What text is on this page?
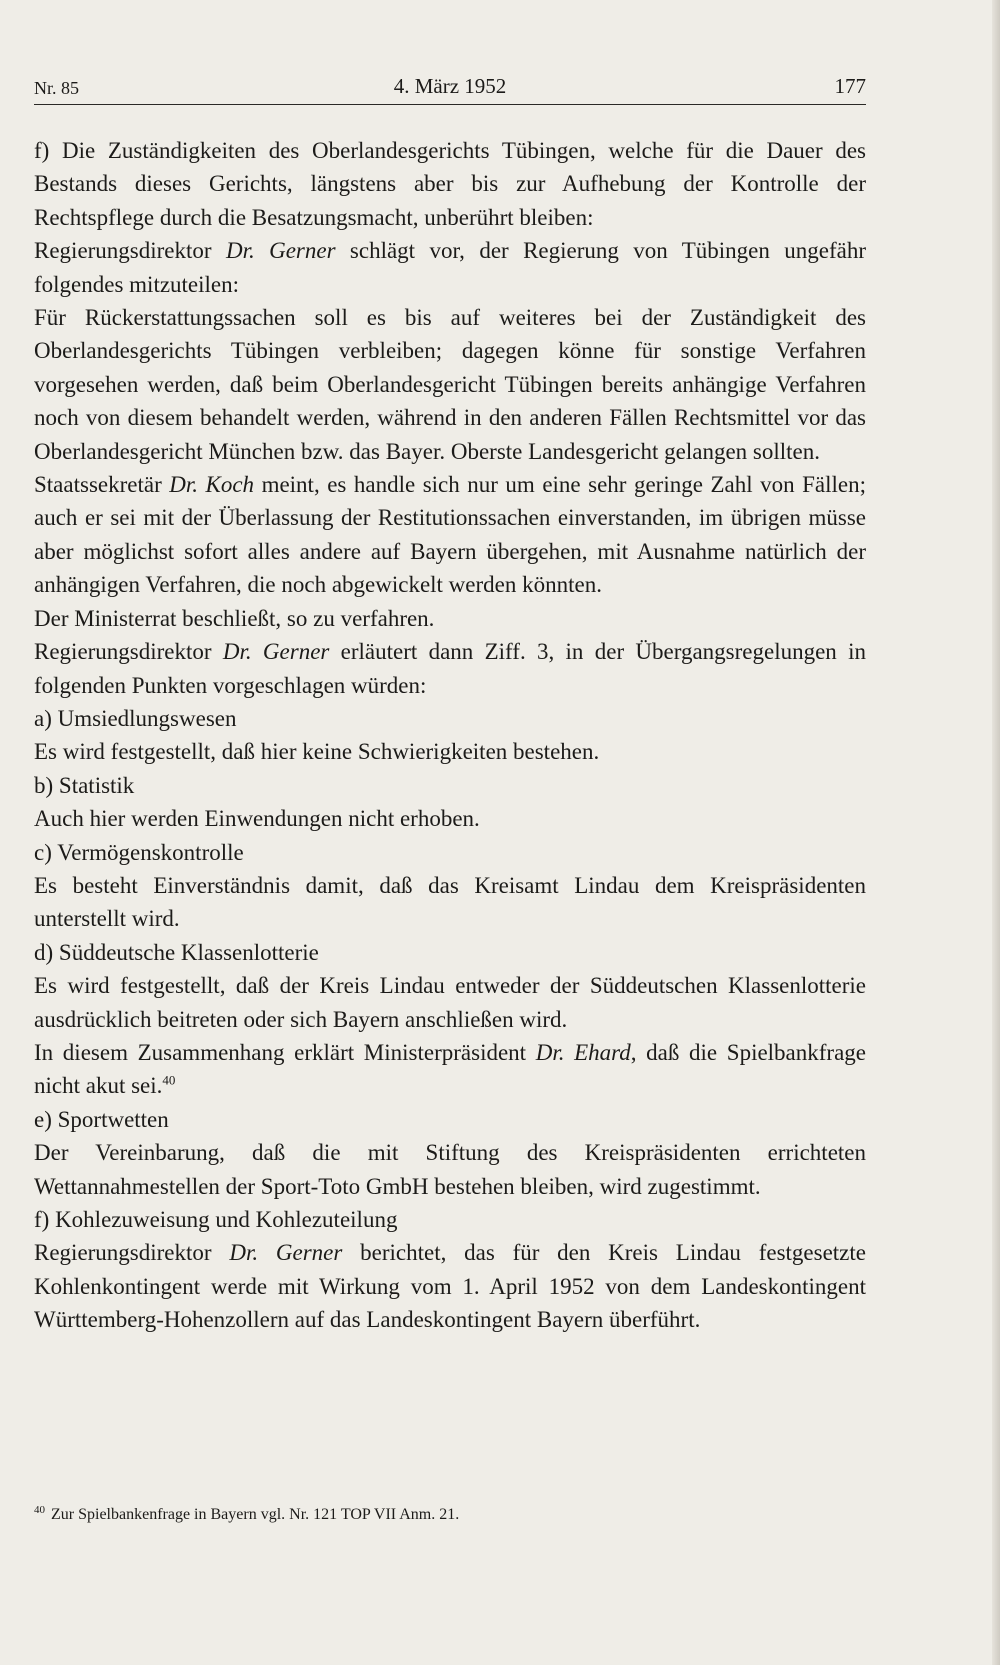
Nr. 85	4. März 1952	177

f) Die Zuständigkeiten des Oberlandesgerichts Tübingen, welche für die Dauer des Bestands dieses Gerichts, längstens aber bis zur Aufhebung der Kontrolle der Rechtspflege durch die Besatzungsmacht, unberührt bleiben:

Regierungsdirektor Dr. Gerner schlägt vor, der Regierung von Tübingen ungefähr folgendes mitzuteilen:

Für Rückerstattungssachen soll es bis auf weiteres bei der Zuständigkeit des Oberlandesgerichts Tübingen verbleiben; dagegen könne für sonstige Verfahren vorgesehen werden, daß beim Oberlandesgericht Tübingen bereits anhängige Verfahren noch von diesem behandelt werden, während in den anderen Fällen Rechtsmittel vor das Oberlandesgericht München bzw. das Bayer. Oberste Landesgericht gelangen sollten.

Staatssekretär Dr. Koch meint, es handle sich nur um eine sehr geringe Zahl von Fällen; auch er sei mit der Überlassung der Restitutionssachen einverstanden, im übrigen müsse aber möglichst sofort alles andere auf Bayern übergehen, mit Ausnahme natürlich der anhängigen Verfahren, die noch abgewickelt werden könnten.

Der Ministerrat beschließt, so zu verfahren.

Regierungsdirektor Dr. Gerner erläutert dann Ziff. 3, in der Übergangsregelungen in folgenden Punkten vorgeschlagen würden:

a) Umsiedlungswesen

Es wird festgestellt, daß hier keine Schwierigkeiten bestehen.

b) Statistik

Auch hier werden Einwendungen nicht erhoben.

c) Vermögenskontrolle

Es besteht Einverständnis damit, daß das Kreisamt Lindau dem Kreispräsidenten unterstellt wird.

d) Süddeutsche Klassenlotterie

Es wird festgestellt, daß der Kreis Lindau entweder der Süddeutschen Klassenlotterie ausdrücklich beitreten oder sich Bayern anschließen wird.

In diesem Zusammenhang erklärt Ministerpräsident Dr. Ehard, daß die Spielbankfrage nicht akut sei.$^{40}$

e) Sportwetten

Der Vereinbarung, daß die mit Stiftung des Kreispräsidenten errichteten Wettannahmestellen der Sport-Toto GmbH bestehen bleiben, wird zugestimmt.

f) Kohlezuweisung und Kohlezuteilung

Regierungsdirektor Dr. Gerner berichtet, das für den Kreis Lindau festgesetzte Kohlenkontingent werde mit Wirkung vom 1. April 1952 von dem Landeskontingent Württemberg-Hohenzollern auf das Landeskontingent Bayern überführt.

$^{40}$ Zur Spielbankenfrage in Bayern vgl. Nr. 121 TOP VII Anm. 21.
